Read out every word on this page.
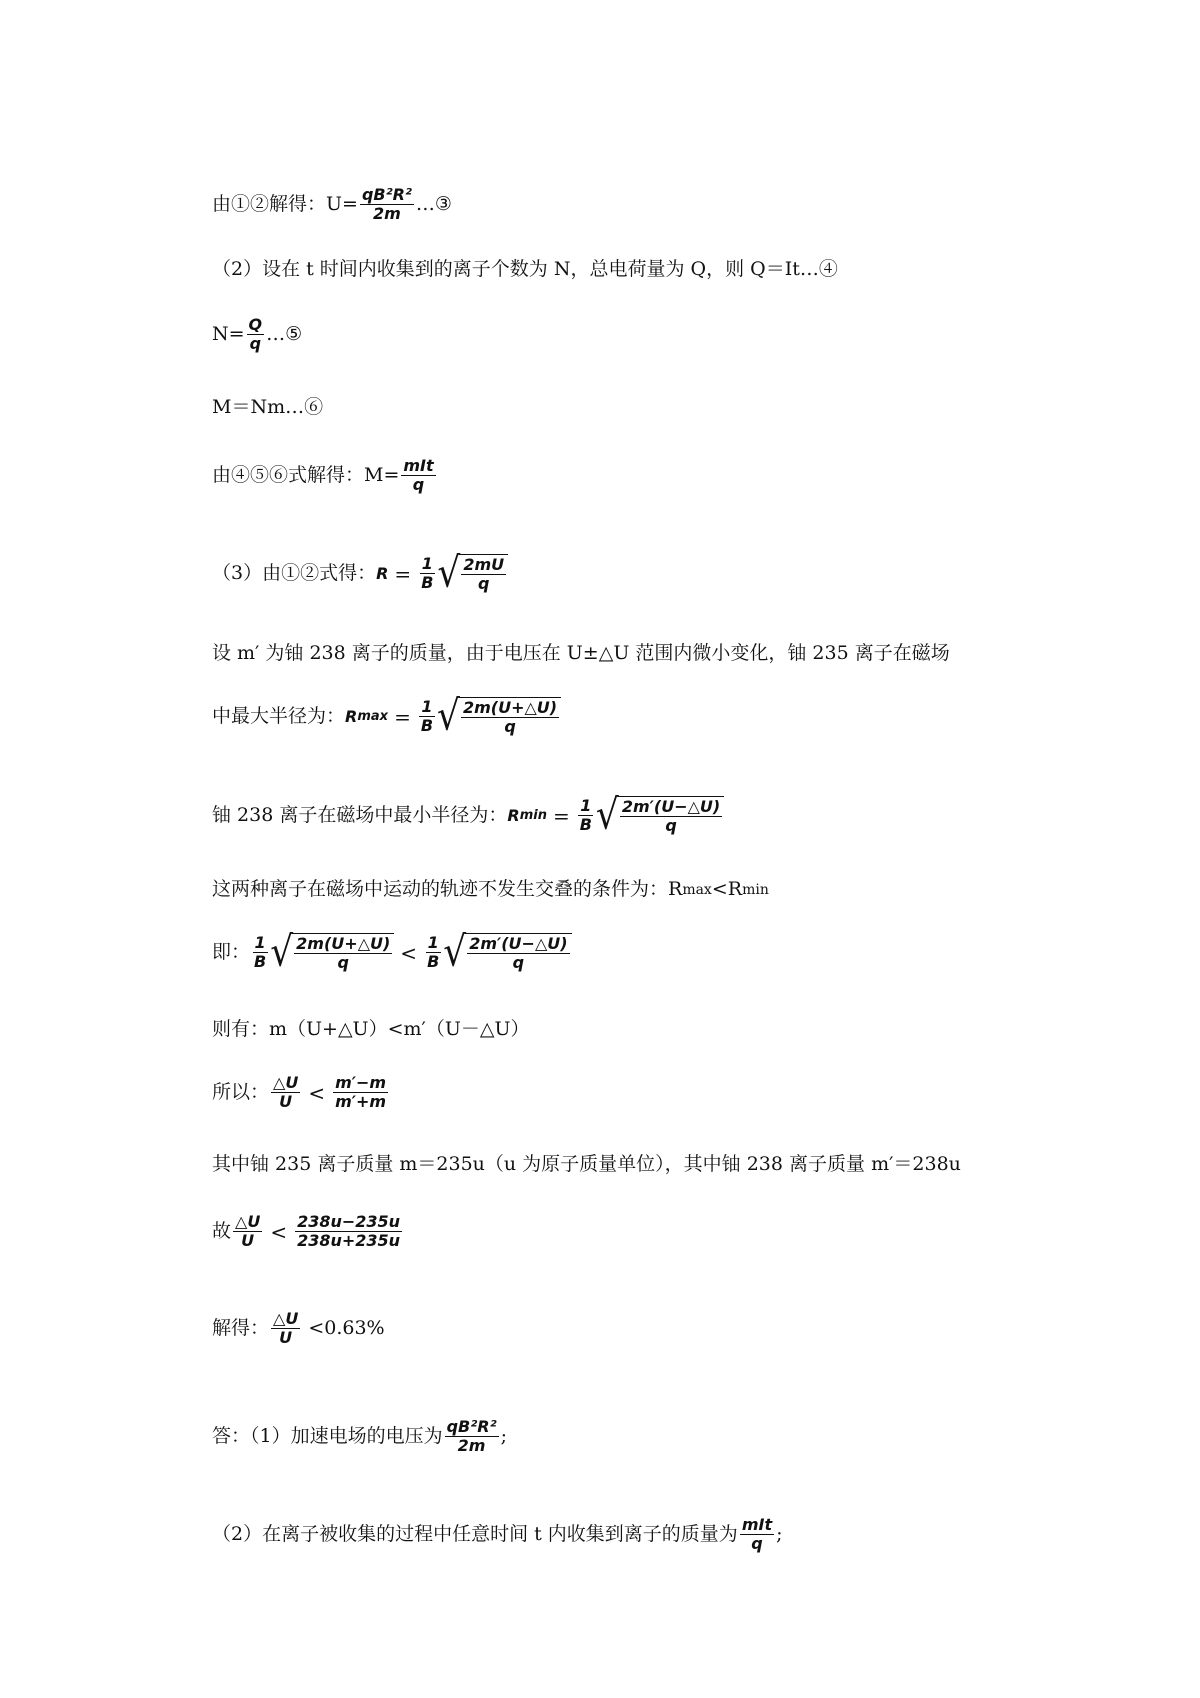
由①②解得：$U= \frac{\text{qB²R²}}{2m}$ …③
（2）设在 t 时间内收集到的离子个数为 N，总电荷量为 Q，则 Q＝It…④
$N= \frac{Q}{q}$ …⑤
M＝Nm…⑥
由④⑤⑥式解得：$M= \frac{\text{mIt}}{q}$
（3）由①②式得： $R = \frac{1}{B}$ √ $\frac{2mU}{q}$
设 m′ 为铀 238 离子的质量，由于电压在 U±△U 范围内微小变化，铀 235 离子在磁场
中最大半径为： R $\max = \frac{1}{B}$ √ $\frac{2m(U+\triangle U)}{q}$
铀 238 离子在磁场中最小半径为： R $\min = \frac{1}{B}$ √ $\frac{2m'(U-\triangle U)}{q}$
这两种离子在磁场中运动的轨迹不发生交叠的条件为：R max <R min
即： $\frac{1}{B}$ √ $\frac{2m(U+\triangle U)}{q} < \frac{1}{B}$ √ $\frac{2m'(U-\triangle U)}{q}$
则有：m（U+△U）<m′（U－△U）
所以： $\frac{\triangle U}{U} < \frac{m'-m}{m'+m}$
其中铀 235 离子质量 m＝235u（u 为原子质量单位），其中铀 238 离子质量 m′＝238u
故 $\frac{\triangle U}{U} < \frac{238u-235u}{238u+235u}$
解得： $\frac{\triangle U}{U} <0.63\%$
答：（1）加速电场的电压为 $\frac{\text{qB²R²}}{2m}$ ;
（2）在离子被收集的过程中任意时间 t 内收集到离子的质量为 $\frac{\text{mIt}}{q}$ ;
